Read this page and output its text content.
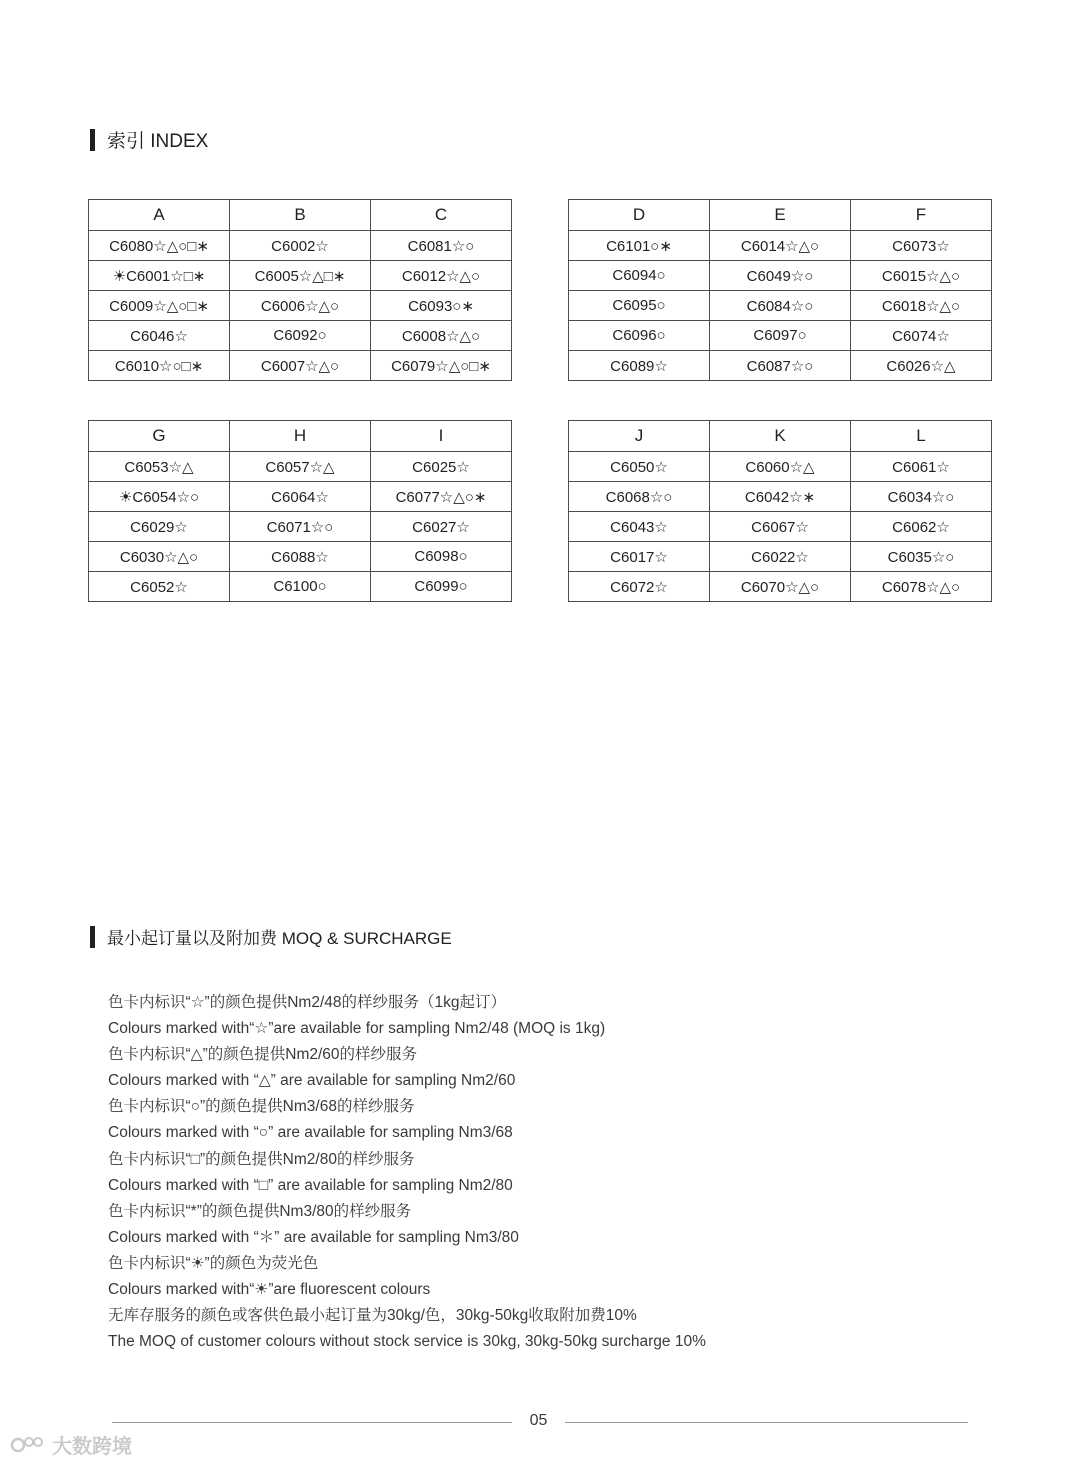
索引 INDEX
A	B	C
C6080☆△○□∗	C6002☆	C6081☆○
☀C6001☆□∗	C6005☆△□∗	C6012☆△○
C6009☆△○□∗	C6006☆△○	C6093○∗
C6046☆	C6092○	C6008☆△○
C6010☆○□∗	C6007☆△○	C6079☆△○□∗
D	E	F
C6101○∗	C6014☆△○	C6073☆
C6094○	C6049☆○	C6015☆△○
C6095○	C6084☆○	C6018☆△○
C6096○	C6097○	C6074☆
C6089☆	C6087☆○	C6026☆△
G	H	I
C6053☆△	C6057☆△	C6025☆
☀C6054☆○	C6064☆	C6077☆△○∗
C6029☆	C6071☆○	C6027☆
C6030☆△○	C6088☆	C6098○
C6052☆	C6100○	C6099○
J	K	L
C6050☆	C6060☆△	C6061☆
C6068☆○	C6042☆∗	C6034☆○
C6043☆	C6067☆	C6062☆
C6017☆	C6022☆	C6035☆○
C6072☆	C6070☆△○	C6078☆△○
最小起订量以及附加费 MOQ & SURCHARGE

色卡内标识“☆”的颜色提供Nm2/48的样纱服务（1kg起订）

Colours marked with“☆”are available for sampling Nm2/48 (MOQ is 1kg)

色卡内标识“△”的颜色提供Nm2/60的样纱服务

Colours marked with “△” are available for sampling Nm2/60

色卡内标识“○”的颜色提供Nm3/68的样纱服务

Colours marked with “○” are available for sampling Nm3/68

色卡内标识“□”的颜色提供Nm2/80的样纱服务

Colours marked with “□” are available for sampling Nm2/80

色卡内标识“*”的颜色提供Nm3/80的样纱服务

Colours marked with “＊” are available for sampling Nm3/80

色卡内标识“☀”的颜色为荧光色

Colours marked with“☀”are fluorescent colours

无库存服务的颜色或客供色最小起订量为30kg/色，30kg-50kg收取附加费10%

The MOQ of customer colours without stock service is 30kg, 30kg-50kg surcharge 10%

05
大数跨境
